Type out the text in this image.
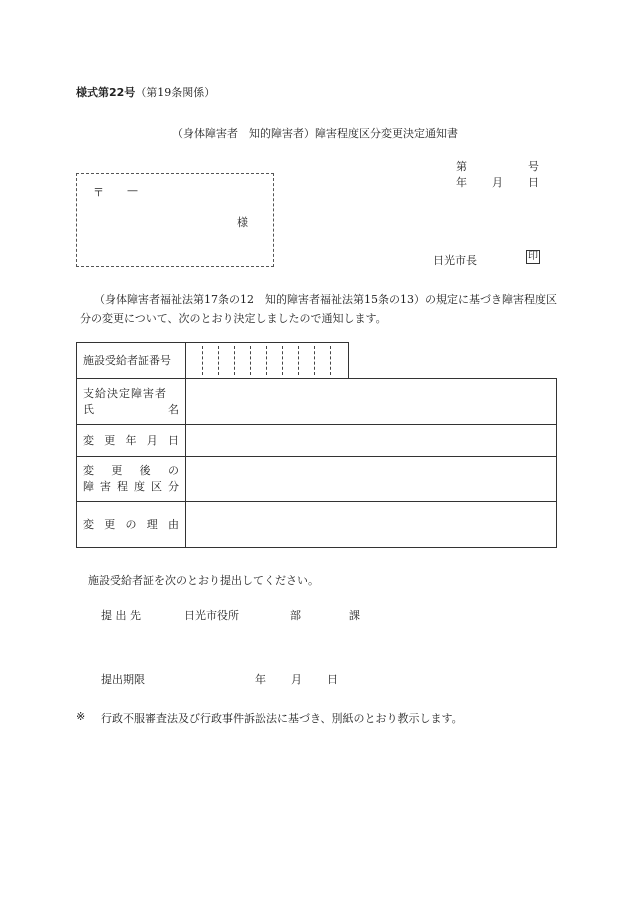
様式第22号（第19条関係）
（身体障害者　知的障害者）障害程度区分変更決定通知書
第	号
年 月 日
〒 —
様
日光市長	印
（身体障害者福祉法第17条の12　知的障害者福祉法第15条の13）の規定に基づき障害程度区分の変更について、次のとおり決定しましたので通知します。
施設受給者証番号
支給決定障害者
氏	名
変 更 年 月 日
変 更 後 の
障 害 程 度 区 分
変 更 の 理 由
施設受給者証を次のとおり提出してください。
提 出 先	日光市役所	部	課
提出期限	年 月 日
※ 行政不服審査法及び行政事件訴訟法に基づき、別紙のとおり教示します。
